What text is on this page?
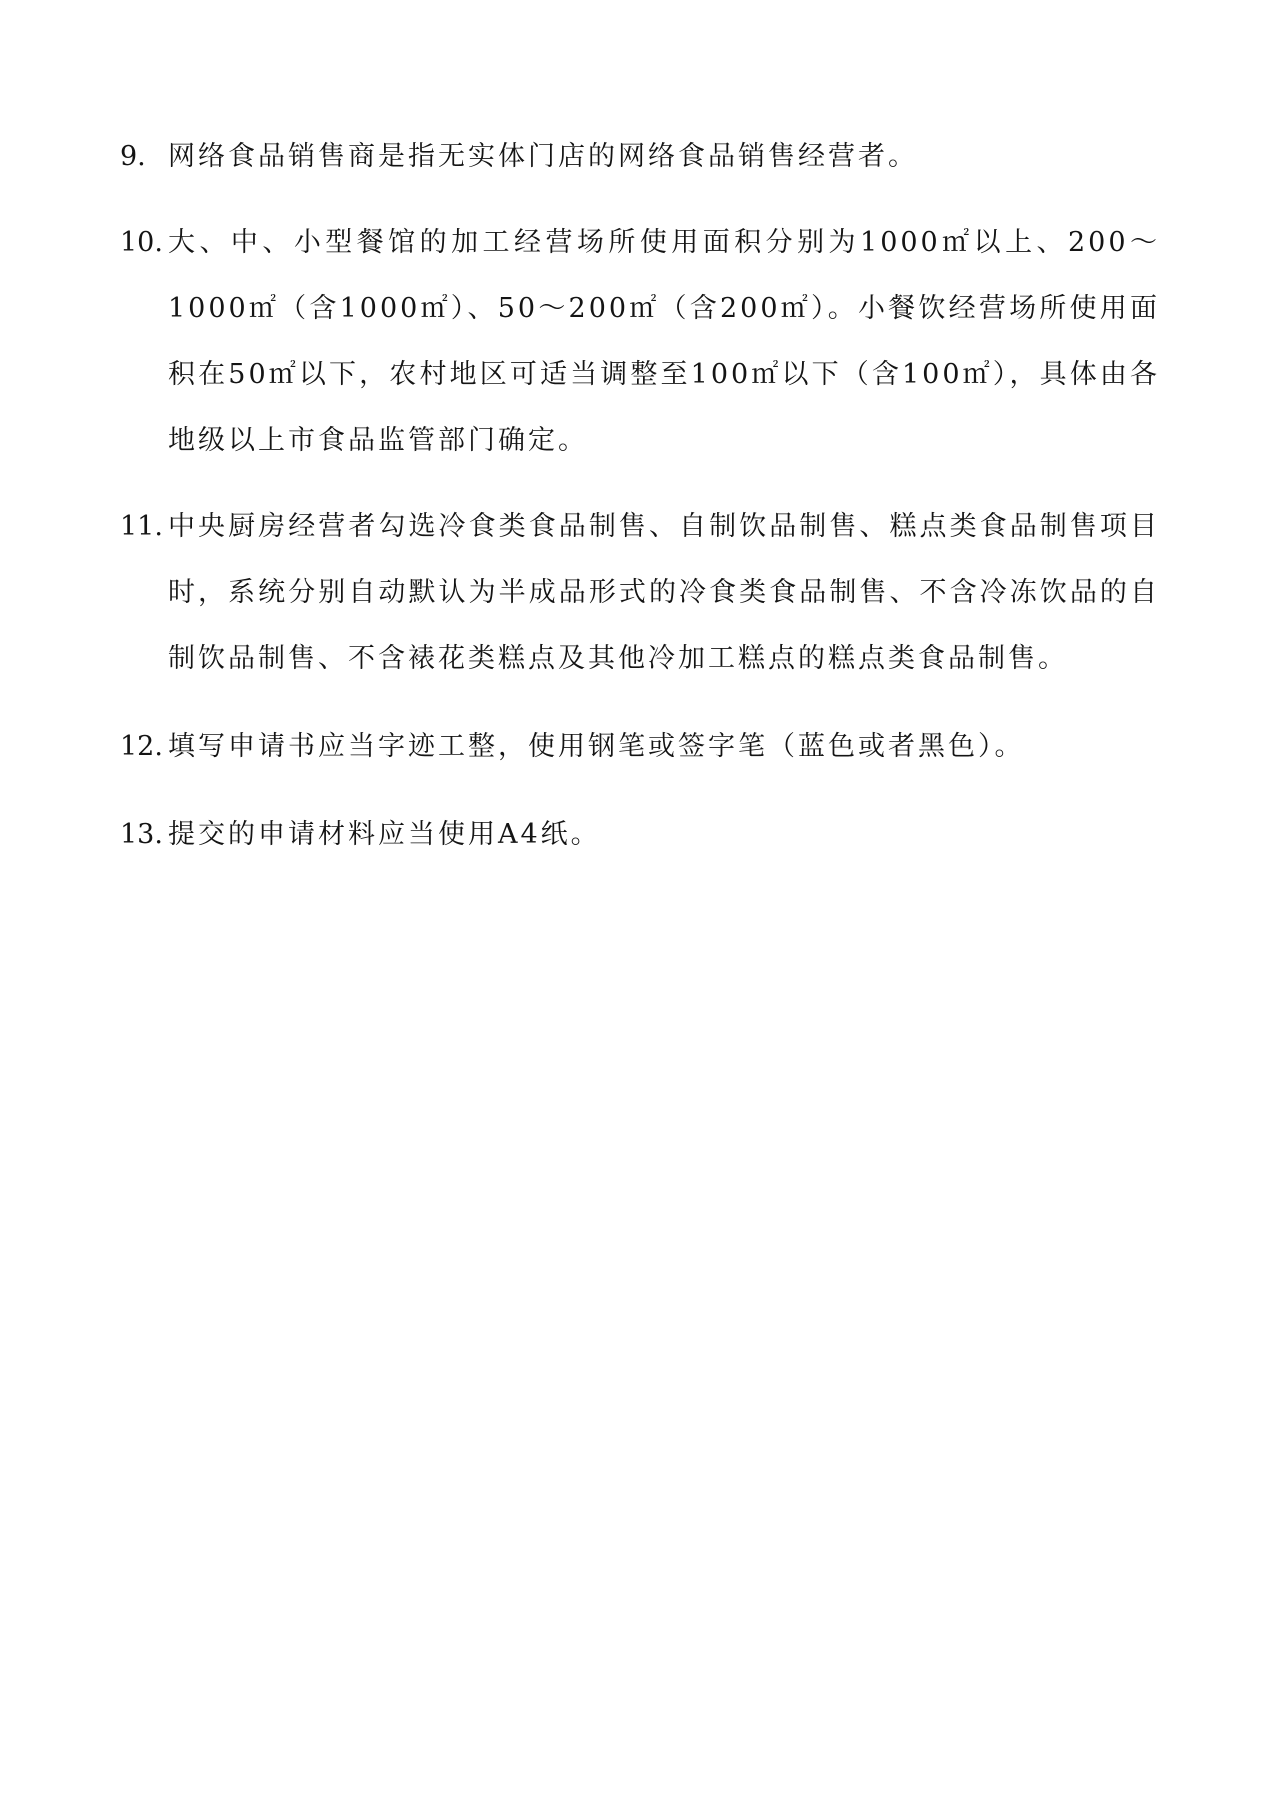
9. 网络食品销售商是指无实体门店的网络食品销售经营者。
10. 大、中、小型餐馆的加工经营场所使用面积分别为1000㎡以上、200～1000㎡（含1000㎡）、50～200㎡（含200㎡）。小餐饮经营场所使用面积在50㎡以下，农村地区可适当调整至100㎡以下（含100㎡），具体由各地级以上市食品监管部门确定。
11. 中央厨房经营者勾选冷食类食品制售、自制饮品制售、糕点类食品制售项目时，系统分别自动默认为半成品形式的冷食类食品制售、不含冷冻饮品的自制饮品制售、不含裱花类糕点及其他冷加工糕点的糕点类食品制售。
12. 填写申请书应当字迹工整，使用钢笔或签字笔（蓝色或者黑色）。
13. 提交的申请材料应当使用A4纸。
